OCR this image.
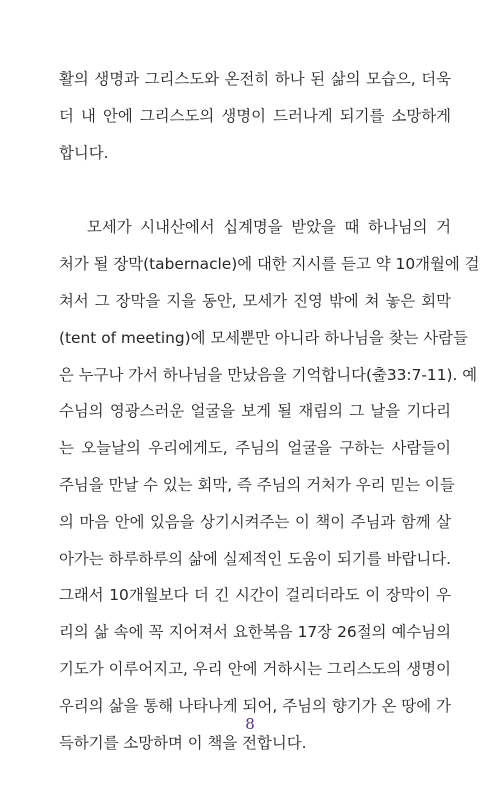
활의 생명과 그리스도와 온전히 하나 된 삶의 모습으, 더욱
더 내 안에 그리스도의 생명이 드러나게 되기를 소망하게
합니다.
모세가 시내산에서 십계명을 받았을 때 하나님의 거
처가 될 장막(tabernacle)에 대한 지시를 듣고 약 10개월에 걸
쳐서 그 장막을 지을 동안, 모세가 진영 밖에 쳐 놓은 회막
(tent of meeting)에 모세뿐만 아니라 하나님을 찾는 사람들
은 누구나 가서 하나님을 만났음을 기억합니다(출33:7-11). 예
수님의 영광스러운 얼굴을 보게 될 재림의 그 날을 기다리
는 오늘날의 우리에게도, 주님의 얼굴을 구하는 사람들이
주님을 만날 수 있는 회막, 즉 주님의 거처가 우리 믿는 이들
의 마음 안에 있음을 상기시켜주는 이 책이 주님과 함께 살
아가는 하루하루의 삶에 실제적인 도움이 되기를 바랍니다.
그래서 10개월보다 더 긴 시간이 걸리더라도 이 장막이 우
리의 삶 속에 꼭 지어져서 요한복음 17장 26절의 예수님의
기도가 이루어지고, 우리 안에 거하시는 그리스도의 생명이
우리의 삶을 통해 나타나게 되어, 주님의 향기가 온 땅에 가
득하기를 소망하며 이 책을 전합니다.
8
